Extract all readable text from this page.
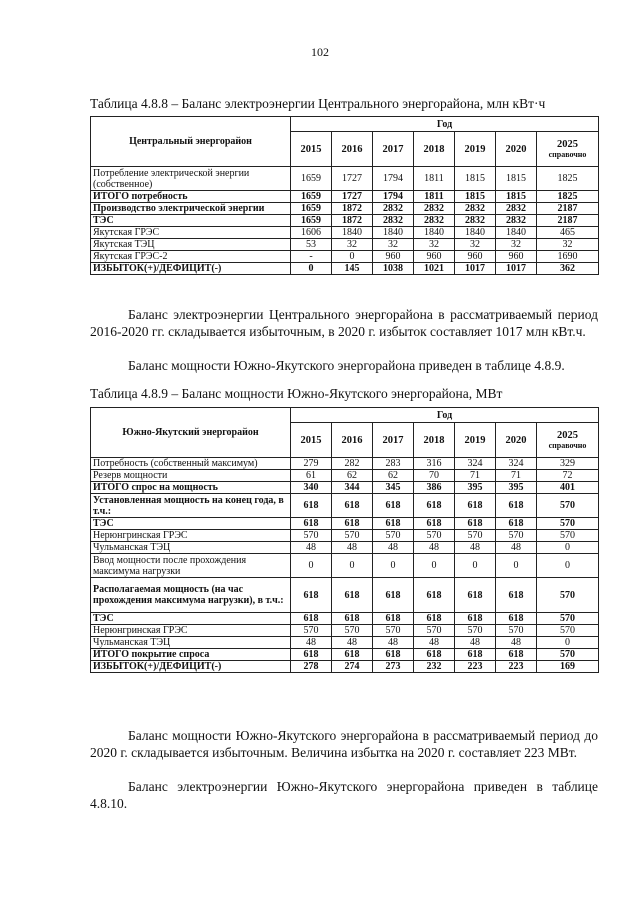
102
Таблица 4.8.8 – Баланс электроэнергии Центрального энергорайона, млн кВт·ч
Центральный энергорайон	Год						
	2015	2016	2017	2018	2019	2020	2025
справочно

Потребление электрической энергии (собственное)	1659	1727	1794	1811	1815	1815	1825
ИТОГО потребность	1659	1727	1794	1811	1815	1815	1825
Производство электрической энергии	1659	1872	2832	2832	2832	2832	2187
ТЭС	1659	1872	2832	2832	2832	2832	2187
Якутская ГРЭС	1606	1840	1840	1840	1840	1840	465
Якутская ТЭЦ	53	32	32	32	32	32	32
Якутская ГРЭС-2	-	0	960	960	960	960	1690
ИЗБЫТОК(+)/ДЕФИЦИТ(-)	0	145	1038	1021	1017	1017	362
Баланс электроэнергии Центрального энергорайона в рассматриваемый период 2016-2020 гг. складывается избыточным, в 2020 г. избыток составляет 1017 млн кВт.ч.
Баланс мощности Южно-Якутского энергорайона приведен в таблице 4.8.9.
Таблица 4.8.9 – Баланс мощности Южно-Якутского энергорайона, МВт
Южно-Якутский энергорайон	Год						
	2015	2016	2017	2018	2019	2020	2025
справочно

Потребность (собственный максимум)	279	282	283	316	324	324	329
Резерв мощности	61	62	62	70	71	71	72
ИТОГО спрос на мощность	340	344	345	386	395	395	401
Установленная мощность на конец года, в т.ч.:	618	618	618	618	618	618	570
ТЭС	618	618	618	618	618	618	570
Нерюнгринская ГРЭС	570	570	570	570	570	570	570
Чульманская ТЭЦ	48	48	48	48	48	48	0
Ввод мощности после прохождения максимума нагрузки	0	0	0	0	0	0	0
Располагаемая мощность (на час прохождения максимума нагрузки), в т.ч.:	618	618	618	618	618	618	570
ТЭС	618	618	618	618	618	618	570
Нерюнгринская ГРЭС	570	570	570	570	570	570	570
Чульманская ТЭЦ	48	48	48	48	48	48	0
ИТОГО покрытие спроса	618	618	618	618	618	618	570
ИЗБЫТОК(+)/ДЕФИЦИТ(-)	278	274	273	232	223	223	169
Баланс мощности Южно-Якутского энергорайона в рассматриваемый период до 2020 г. складывается избыточным. Величина избытка на 2020 г. составляет 223 МВт.
Баланс электроэнергии Южно-Якутского энергорайона приведен в таблице 4.8.10.
